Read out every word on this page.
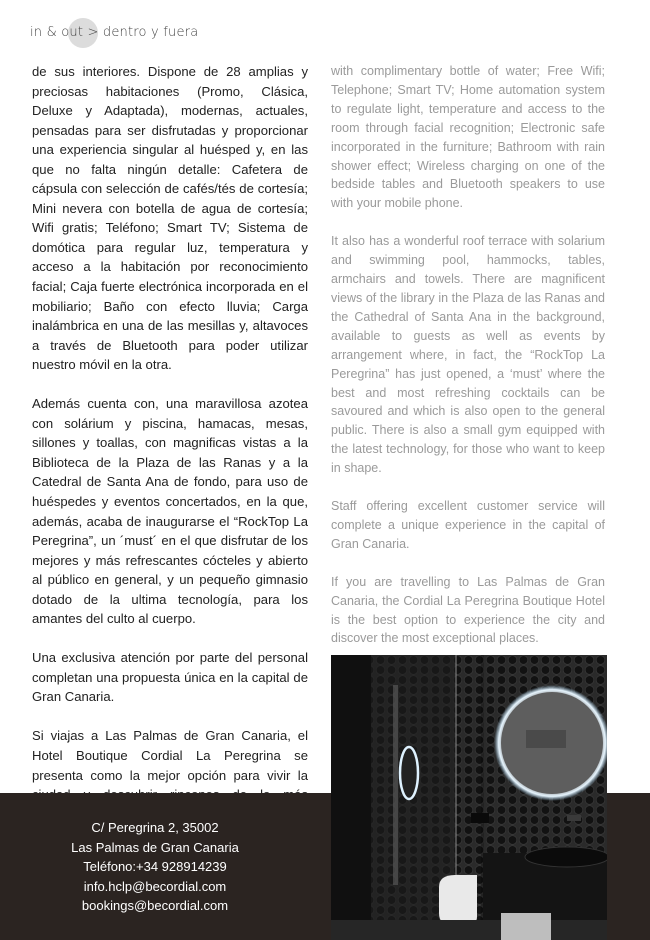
in & out > dentro y fuera

de sus interiores. Dispone de 28 amplias y preciosas habitaciones (Promo, Clásica, Deluxe y Adaptada), modernas, actuales, pensadas para ser disfrutadas y proporcionar una experiencia singular al huésped y, en las que no falta ningún detalle: Cafetera de cápsula con selección de cafés/tés de cortesía; Mini nevera con botella de agua de cortesía; Wifi gratis; Teléfono; Smart TV; Sistema de domótica para regular luz, temperatura y acceso a la habitación por reconocimiento facial; Caja fuerte electrónica incorporada en el mobiliario; Baño con efecto lluvia; Carga inalámbrica en una de las mesillas y, altavoces a través de Bluetooth para poder utilizar nuestro móvil en la otra.

Además cuenta con, una maravillosa azotea con solárium y piscina, hamacas, mesas, sillones y toallas, con magnificas vistas a la Biblioteca de la Plaza de las Ranas y a la Catedral de Santa Ana de fondo, para uso de huéspedes y eventos concertados, en la que, además, acaba de inaugurarse el “RockTop La Peregrina”, un ´must´ en el que disfrutar de los mejores y más refrescantes cócteles y abierto al público en general, y un pequeño gimnasio dotado de la ultima tecnología, para los amantes del culto al cuerpo.

Una exclusiva atención por parte del personal completan una propuesta única en la capital de Gran Canaria.

Si viajas a Las Palmas de Gran Canaria, el Hotel Boutique Cordial La Peregrina se presenta como la mejor opción para vivir la

with complimentary bottle of water; Free Wifi; Telephone; Smart TV; Home automation system to regulate light, temperature and access to the room through facial recognition; Electronic safe incorporated in the furniture; Bathroom with rain shower effect; Wireless charging on one of the bedside tables and Bluetooth speakers to use with your mobile phone.

It also has a wonderful roof terrace with solarium and swimming pool, hammocks, tables, armchairs and towels. There are magnificent views of the library in the Plaza de las Ranas and the Cathedral of Santa Ana in the background, available to guests as well as events by arrangement where, in fact, the “RockTop La Peregrina” has just opened, a ‘must’ where the best and most refreshing cocktails can be savoured and which is also open to the general public. There is also a small gym equipped with the latest technology, for those who want to keep in shape.

Staff offering excellent customer service will complete a unique experience in the capital of Gran Canaria.

If you are travelling to Las Palmas de Gran Canaria, the Cordial La Peregrina Boutique Hotel is the best option to experience the city and discover the most exceptional places.

C/ Peregrina 2, 35002
Las Palmas de Gran Canaria
Teléfono:+34 928914239
info.hclp@becordial.com
bookings@becordial.com
